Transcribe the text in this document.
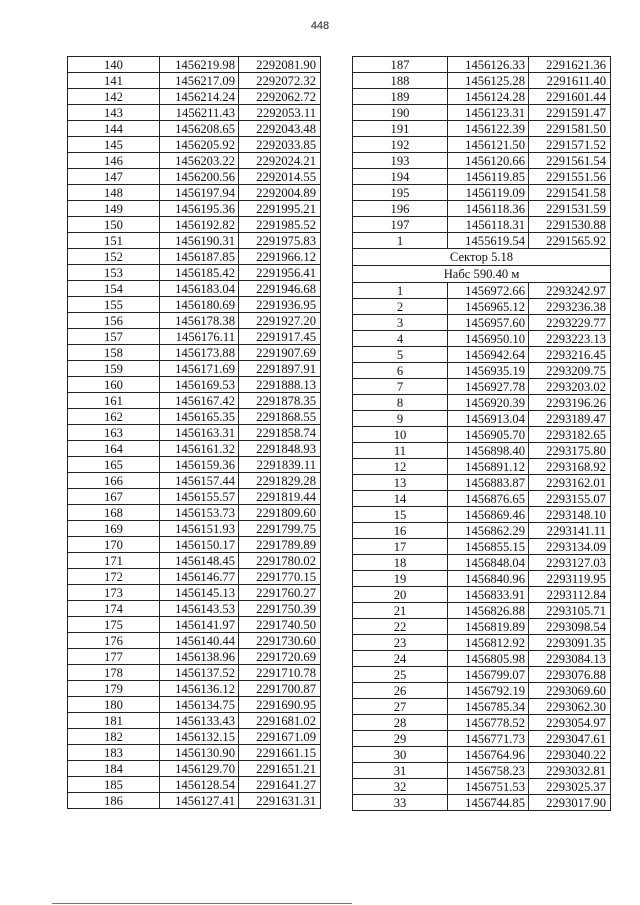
448
140	1456219.98	2292081.90
141	1456217.09	2292072.32
142	1456214.24	2292062.72
143	1456211.43	2292053.11
144	1456208.65	2292043.48
145	1456205.92	2292033.85
146	1456203.22	2292024.21
147	1456200.56	2292014.55
148	1456197.94	2292004.89
149	1456195.36	2291995.21
150	1456192.82	2291985.52
151	1456190.31	2291975.83
152	1456187.85	2291966.12
153	1456185.42	2291956.41
154	1456183.04	2291946.68
155	1456180.69	2291936.95
156	1456178.38	2291927.20
157	1456176.11	2291917.45
158	1456173.88	2291907.69
159	1456171.69	2291897.91
160	1456169.53	2291888.13
161	1456167.42	2291878.35
162	1456165.35	2291868.55
163	1456163.31	2291858.74
164	1456161.32	2291848.93
165	1456159.36	2291839.11
166	1456157.44	2291829.28
167	1456155.57	2291819.44
168	1456153.73	2291809.60
169	1456151.93	2291799.75
170	1456150.17	2291789.89
171	1456148.45	2291780.02
172	1456146.77	2291770.15
173	1456145.13	2291760.27
174	1456143.53	2291750.39
175	1456141.97	2291740.50
176	1456140.44	2291730.60
177	1456138.96	2291720.69
178	1456137.52	2291710.78
179	1456136.12	2291700.87
180	1456134.75	2291690.95
181	1456133.43	2291681.02
182	1456132.15	2291671.09
183	1456130.90	2291661.15
184	1456129.70	2291651.21
185	1456128.54	2291641.27
186	1456127.41	2291631.31
187	1456126.33	2291621.36
188	1456125.28	2291611.40
189	1456124.28	2291601.44
190	1456123.31	2291591.47
191	1456122.39	2291581.50
192	1456121.50	2291571.52
193	1456120.66	2291561.54
194	1456119.85	2291551.56
195	1456119.09	2291541.58
196	1456118.36	2291531.59
197	1456118.31	2291530.88
1	1455619.54	2291565.92
Сектор 5.18		
Набс 590.40 м		
1	1456972.66	2293242.97
2	1456965.12	2293236.38
3	1456957.60	2293229.77
4	1456950.10	2293223.13
5	1456942.64	2293216.45
6	1456935.19	2293209.75
7	1456927.78	2293203.02
8	1456920.39	2293196.26
9	1456913.04	2293189.47
10	1456905.70	2293182.65
11	1456898.40	2293175.80
12	1456891.12	2293168.92
13	1456883.87	2293162.01
14	1456876.65	2293155.07
15	1456869.46	2293148.10
16	1456862.29	2293141.11
17	1456855.15	2293134.09
18	1456848.04	2293127.03
19	1456840.96	2293119.95
20	1456833.91	2293112.84
21	1456826.88	2293105.71
22	1456819.89	2293098.54
23	1456812.92	2293091.35
24	1456805.98	2293084.13
25	1456799.07	2293076.88
26	1456792.19	2293069.60
27	1456785.34	2293062.30
28	1456778.52	2293054.97
29	1456771.73	2293047.61
30	1456764.96	2293040.22
31	1456758.23	2293032.81
32	1456751.53	2293025.37
33	1456744.85	2293017.90
